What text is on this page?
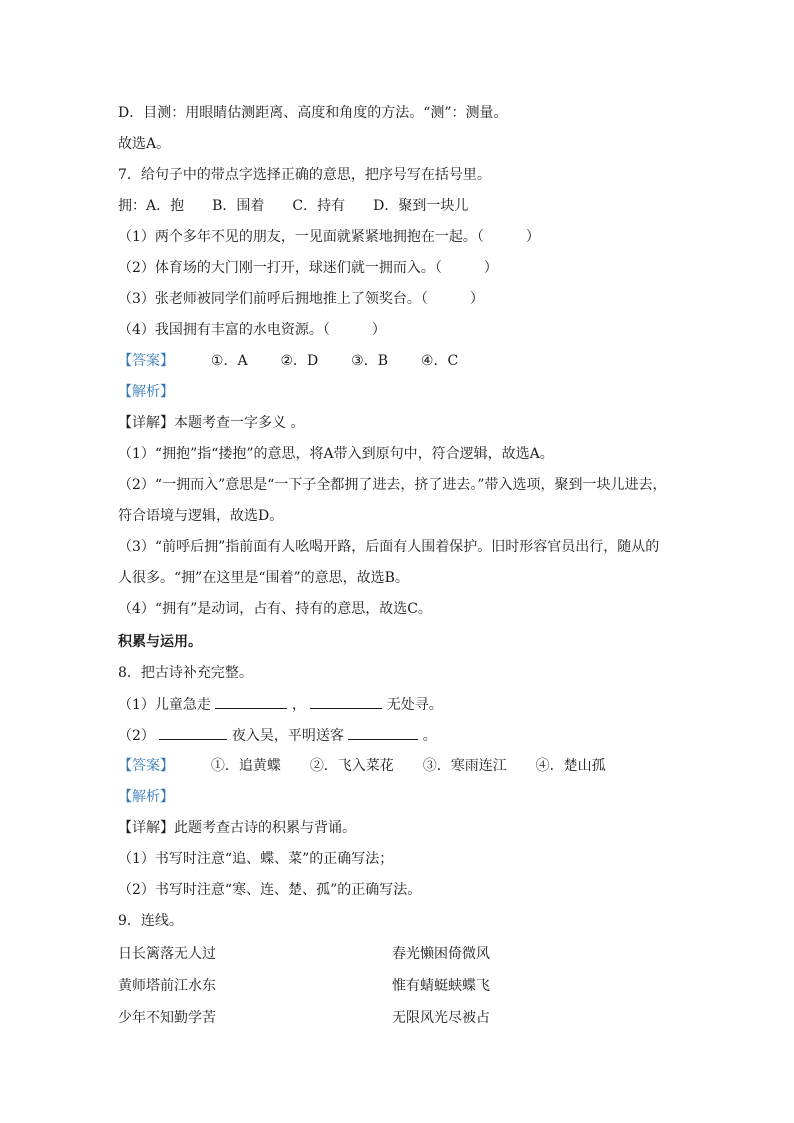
D．目测：用眼睛估测距离、高度和角度的方法。“测”：测量。
故选A。
7．给句子中的带点字选择正确的意思，把序号写在括号里。
拥：A．抱　　B．围着　　C．持有　　D．聚到一块儿
（1）两个多年不见的朋友，一见面就紧紧地拥抱在一起。（　　　）
（2）体育场的大门刚一打开，球迷们就一拥而入。（　　　）
（3）张老师被同学们前呼后拥地推上了领奖台。（　　　）
（4）我国拥有丰富的水电资源。（　　　）
【答案】	①．A ②．D ③．B ④．C
【解析】
【详解】本题考查一字多义 。
（1）“拥抱”指“搂抱”的意思，将A带入到原句中，符合逻辑，故选A。
（2）“一拥而入”意思是“一下子全都拥了进去，挤了进去。”带入选项，聚到一块儿进去，
符合语境与逻辑，故选D。
（3）“前呼后拥”指前面有人吆喝开路，后面有人围着保护。旧时形容官员出行，随从的
人很多。“拥”在这里是“围着”的意思，故选B。
（4）“拥有”是动词，占有、持有的意思，故选C。
积累与运用。
8．把古诗补充完整。
（1）儿童急走	，	无处寻。
（2）	夜入吴，平明送客	。
【答案】	①．追黄蝶 ②．飞入菜花 ③．寒雨连江 ④．楚山孤
【解析】
【详解】此题考查古诗的积累与背诵。
（1）书写时注意“追、蝶、菜”的正确写法；
（2）书写时注意“寒、连、楚、孤”的正确写法。
9．连线。
日长篱落无人过	春光懒困倚微风
黄师塔前江水东	惟有蜻蜓蛱蝶飞
少年不知勤学苦	无限风光尽被占
